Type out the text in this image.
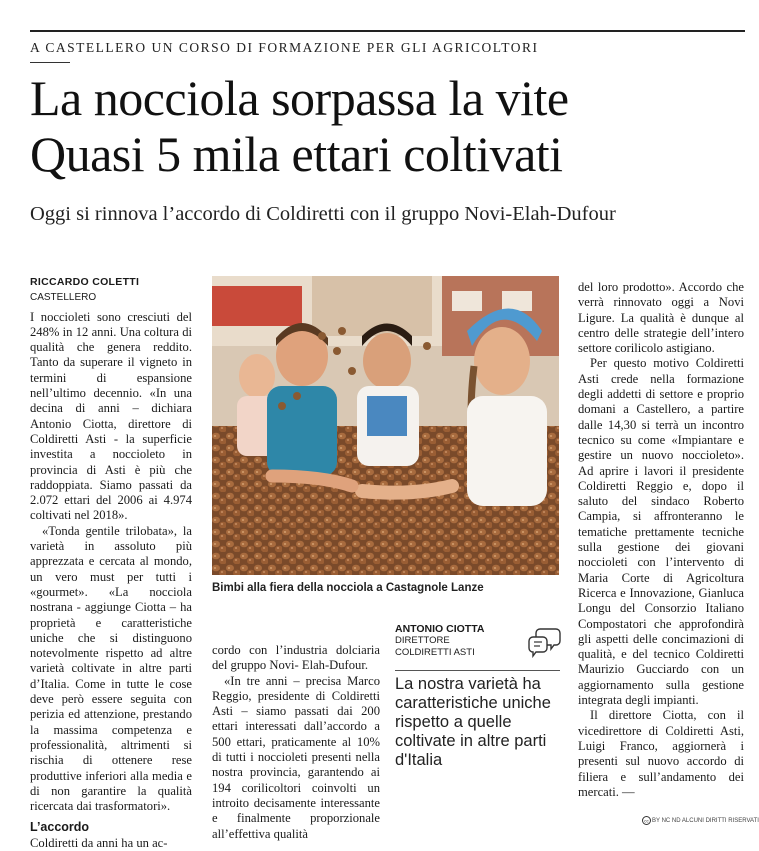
A CASTELLERO UN CORSO DI FORMAZIONE PER GLI AGRICOLTORI
La nocciola sorpassa la vite
Quasi 5 mila ettari coltivati
Oggi si rinnova l’accordo di Coldiretti con il gruppo Novi-Elah-Dufour
RICCARDO COLETTI
CASTELLERO

I noccioleti sono cresciuti del 248% in 12 anni. Una coltura di qualità che genera reddito. Tanto da superare il vigneto in termini di espansione nell’ultimo decennio. «In una decina di anni – dichiara Antonio Ciotta, direttore di Coldiretti Asti - la superficie investita a noccioleto in provincia di Asti è più che raddoppiata. Siamo passati da 2.072 ettari del 2006 ai 4.974 coltivati nel 2018».

«Tonda gentile trilobata», la varietà in assoluto più apprezzata e cercata al mondo, un vero must per tutti i «gourmet». «La nocciola nostrana - aggiunge Ciotta – ha proprietà e caratteristiche uniche che si distinguono notevolmente rispetto ad altre varietà coltivate in altre parti d’Italia. Come in tutte le cose deve però essere seguita con perizia ed attenzione, prestando la massima competenza e professionalità, altrimenti si rischia di ottenere rese produttive inferiori alla media e di non garantire la qualità ricercata dai trasformatori».

L’accordo

Coldiretti da anni ha un ac-

Bimbi alla fiera della nocciola a Castagnole Lanze

cordo con l’industria dolciaria del gruppo Novi- Elah-Dufour.

«In tre anni – precisa Marco Reggio, presidente di Coldiretti Asti – siamo passati dai 200 ettari interessati dall’accordo a 500 ettari, praticamente al 10% di tutti i noccioleti presenti nella nostra provincia, garantendo ai 194 corilicoltori coinvolti un introito decisamente interessante e finalmente proporzionale all’effettiva qualità

ANTONIO CIOTTA
DIRETTORE
COLDIRETTI ASTI
La nostra varietà ha caratteristiche uniche rispetto a quelle coltivate in altre parti d'Italia

del loro prodotto». Accordo che verrà rinnovato oggi a Novi Ligure. La qualità è dunque al centro delle strategie dell’intero settore corilicolo astigiano.

Per questo motivo Coldiretti Asti crede nella formazione degli addetti di settore e proprio domani a Castellero, a partire dalle 14,30 si terrà un incontro tecnico su come «Impiantare e gestire un nuovo noccioleto». Ad aprire i lavori il presidente Coldiretti Reggio e, dopo il saluto del sindaco Roberto Campia, si affronteranno le tematiche prettamente tecniche sulla gestione dei giovani noccioleti con l’intervento di Maria Corte di Agricoltura Ricerca e Innovazione, Gianluca Longu del Consorzio Italiano Compostatori che approfondirà gli aspetti delle concimazioni di qualità, e del tecnico Coldiretti Maurizio Gucciardo con un aggiornamento sulla gestione integrata degli impianti.

Il direttore Ciotta, con il vicedirettore di Coldiretti Asti, Luigi Franco, aggiornerà i presenti sul nuovo accordo di filiera e sull’andamento dei mercati. —

cc BY NC ND ALCUNI DIRITTI RISERVATI
